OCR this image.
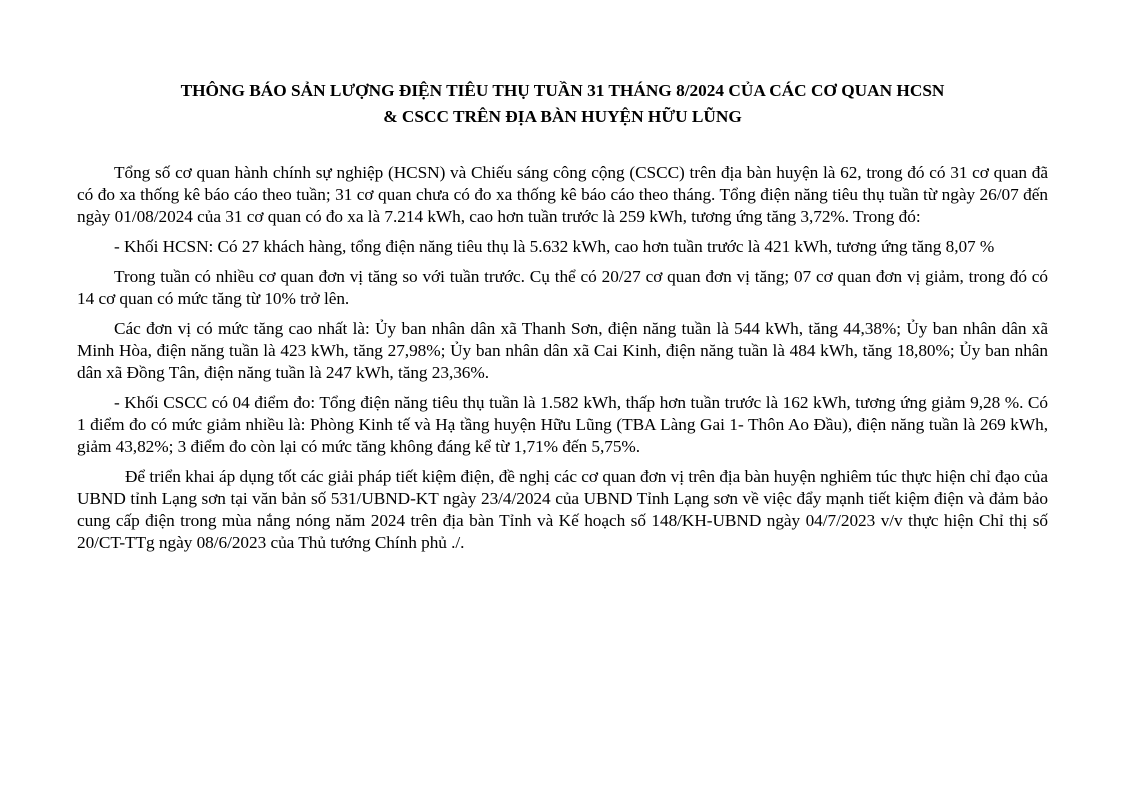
THÔNG BÁO SẢN LƯỢNG ĐIỆN TIÊU THỤ TUẦN 31 THÁNG 8/2024 CỦA CÁC CƠ QUAN HCSN
& CSCC TRÊN ĐỊA BÀN HUYỆN HỮU LŨNG

Tổng số cơ quan hành chính sự nghiệp (HCSN) và Chiếu sáng công cộng (CSCC) trên địa bàn huyện là 62, trong đó có 31 cơ quan đã có đo xa thống kê báo cáo theo tuần; 31 cơ quan chưa có đo xa thống kê báo cáo theo tháng. Tổng điện năng tiêu thụ tuần từ ngày 26/07 đến ngày 01/08/2024 của 31 cơ quan có đo xa là 7.214 kWh, cao hơn tuần trước là 259 kWh, tương ứng tăng 3,72%. Trong đó:

- Khối HCSN: Có 27 khách hàng, tổng điện năng tiêu thụ là 5.632 kWh, cao hơn tuần trước là 421 kWh, tương ứng tăng 8,07 %

Trong tuần có nhiều cơ quan đơn vị tăng so với tuần trước. Cụ thể có 20/27 cơ quan đơn vị tăng; 07 cơ quan đơn vị giảm, trong đó có 14 cơ quan có mức tăng từ 10% trở lên.

Các đơn vị có mức tăng cao nhất là: Ủy ban nhân dân xã Thanh Sơn, điện năng tuần là 544 kWh, tăng 44,38%; Ủy ban nhân dân xã Minh Hòa, điện năng tuần là 423 kWh, tăng 27,98%; Ủy ban nhân dân xã Cai Kinh, điện năng tuần là 484 kWh, tăng 18,80%; Ủy ban nhân dân xã Đồng Tân, điện năng tuần là 247 kWh, tăng 23,36%.

- Khối CSCC có 04 điểm đo: Tổng điện năng tiêu thụ tuần là 1.582 kWh, thấp hơn tuần trước là 162 kWh, tương ứng giảm 9,28 %. Có 1 điểm đo có mức giảm nhiều là: Phòng Kinh tế và Hạ tầng huyện Hữu Lũng (TBA Làng Gai 1- Thôn Ao Đầu), điện năng tuần là 269 kWh, giảm 43,82%; 3 điểm đo còn lại có mức tăng không đáng kể từ 1,71% đến 5,75%.

Để triển khai áp dụng tốt các giải pháp tiết kiệm điện, đề nghị các cơ quan đơn vị trên địa bàn huyện nghiêm túc thực hiện chỉ đạo của UBND tỉnh Lạng sơn tại văn bản số 531/UBND-KT ngày 23/4/2024 của UBND Tỉnh Lạng sơn về việc đẩy mạnh tiết kiệm điện và đảm bảo cung cấp điện trong mùa nắng nóng năm 2024 trên địa bàn Tỉnh và Kế hoạch số 148/KH-UBND ngày 04/7/2023 v/v thực hiện Chỉ thị số 20/CT-TTg ngày 08/6/2023 của Thủ tướng Chính phủ ./.
